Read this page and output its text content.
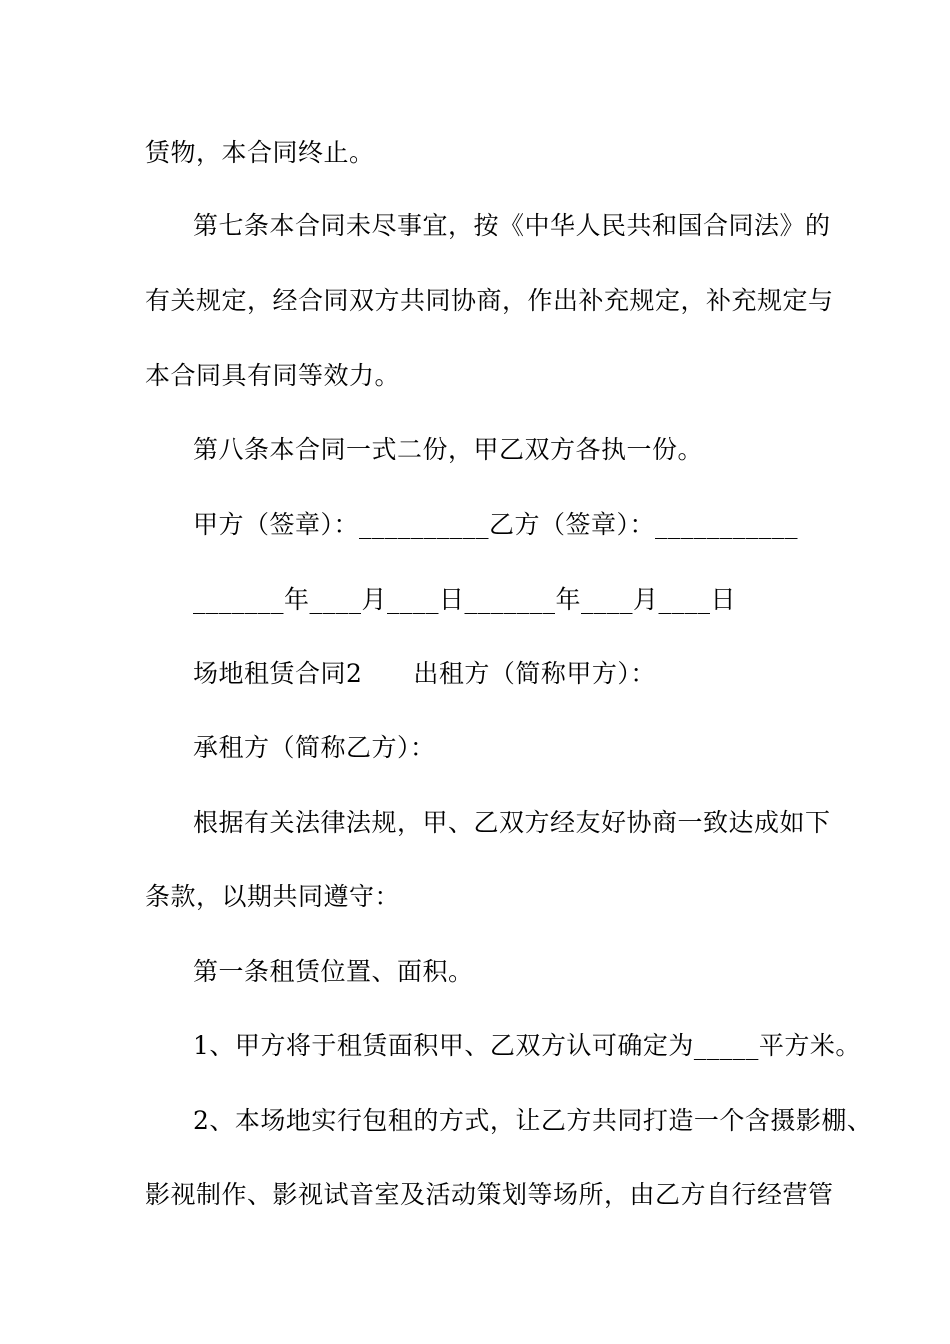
赁物，本合同终止。
第七条本合同未尽事宜，按《中华人民共和国合同法》的
有关规定，经合同双方共同协商，作出补充规定，补充规定与
本合同具有同等效力。
第八条本合同一式二份，甲乙双方各执一份。
甲方（签章）：__________乙方（签章）：___________
_______年____月____日_______年____月____日
场地租赁合同2　　出租方（简称甲方）：
承租方（简称乙方）：
根据有关法律法规，甲、乙双方经友好协商一致达成如下
条款，以期共同遵守：
第一条租赁位置、面积。
1、甲方将于租赁面积甲、乙双方认可确定为_____平方米。
2、本场地实行包租的方式，让乙方共同打造一个含摄影棚、
影视制作、影视试音室及活动策划等场所，由乙方自行经营管
